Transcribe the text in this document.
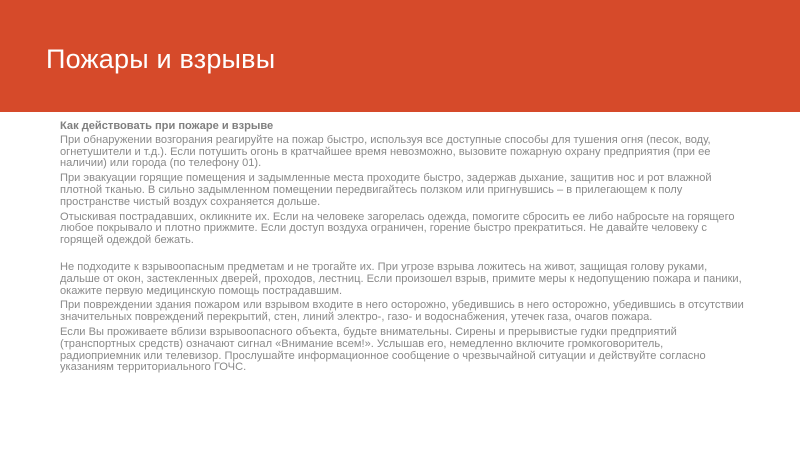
Пожары и взрывы

Как действовать при пожаре и взрыве

При обнаружении возгорания реагируйте на пожар быстро, используя все доступные способы для тушения огня (песок, воду, огнетушители и т.д.). Если потушить огонь в кратчайшее время невозможно, вызовите пожарную охрану предприятия (при ее наличии) или города (по телефону 01).

При эвакуации горящие помещения и задымленные места проходите быстро, задержав дыхание, защитив нос и рот влажной плотной тканью. В сильно задымленном помещении передвигайтесь ползком или пригнувшись – в прилегающем к полу пространстве чистый воздух сохраняется дольше.

Отыскивая пострадавших, окликните их. Если на человеке загорелась одежда, помогите сбросить ее либо набросьте на горящего любое покрывало и плотно прижмите. Если доступ воздуха ограничен, горение быстро прекратиться. Не давайте человеку с горящей одеждой бежать.

Не подходите к взрывоопасным предметам и не трогайте их. При угрозе взрыва ложитесь на живот, защищая голову руками, дальше от окон, застекленных дверей, проходов, лестниц. Если произошел взрыв, примите меры к недопущению пожара и паники, окажите первую медицинскую помощь пострадавшим.

При повреждении здания пожаром или взрывом входите в него осторожно, убедившись в него осторожно, убедившись в отсутствии значительных повреждений перекрытий, стен, линий электро-, газо- и водоснабжения, утечек газа, очагов пожара.

Если Вы проживаете вблизи взрывоопасного объекта, будьте внимательны. Сирены и прерывистые гудки предприятий (транспортных средств) означают сигнал «Внимание всем!». Услышав его, немедленно включите громкоговоритель, радиоприемник или телевизор. Прослушайте информационное сообщение о чрезвычайной ситуации и действуйте согласно указаниям территориального ГОЧС.
